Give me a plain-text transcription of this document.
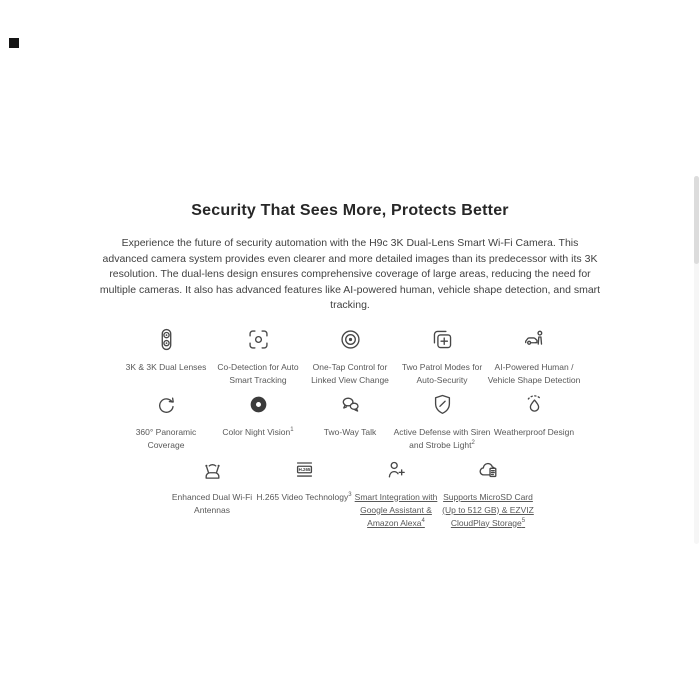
Security That Sees More, Protects Better

Experience the future of security automation with the H9c 3K Dual-Lens Smart Wi-Fi Camera. This advanced camera system provides even clearer and more detailed images than its predecessor with its 3K resolution. The dual-lens design ensures comprehensive coverage of large areas, reducing the need for multiple cameras. It also has advanced features like AI-powered human, vehicle shape detection, and smart tracking.

3K & 3K Dual Lenses	Co-Detection for Auto Smart Tracking
One-Tap Control for Linked View Change
Two Patrol Modes for Auto-Security
AI-Powered Human / Vehicle Shape Detection
360° Panoramic Coverage
Color Night Vision$^1$	Two-Way Talk	Active Defense with Siren and Strobe Light$^2$
Weatherproof Design
Enhanced Dual Wi-Fi Antennas
H.265
H.265 Video Technology$^3$ Smart Integration with Google Assistant & Amazon Alexa$^4$
Supports MicroSD Card (Up to 512 GB) & EZVIZ CloudPlay Storage$^5$
